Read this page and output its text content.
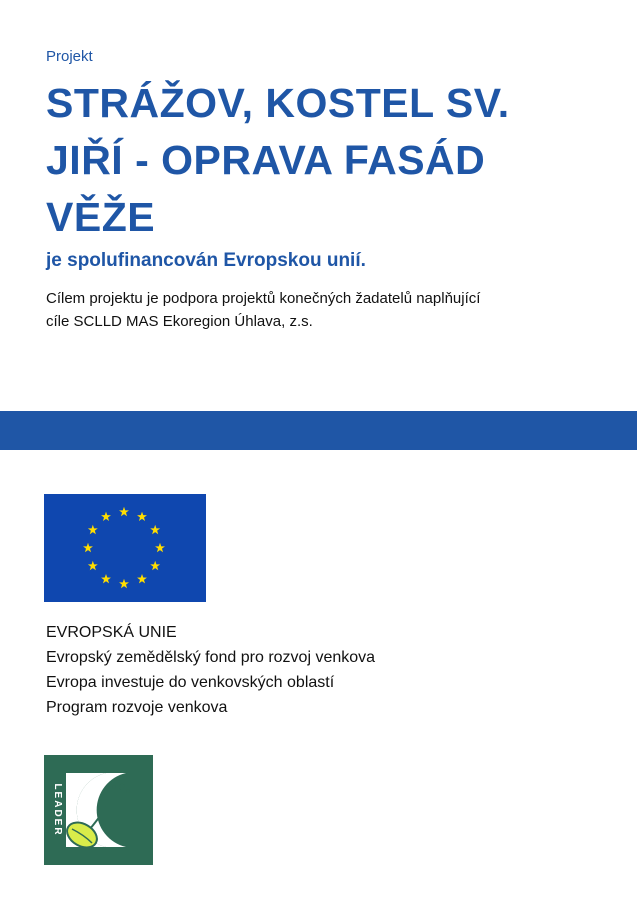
Projekt
STRÁŽOV, KOSTEL SV.
JIŘÍ - OPRAVA FASÁD
VĚŽE
je spolufinancován Evropskou unií.
Cílem projektu je podpora projektů konečných žadatelů naplňující
cíle SCLLD MAS Ekoregion Úhlava, z.s.
EVROPSKÁ UNIE
Evropský zemědělský fond pro rozvoj venkova
Evropa investuje do venkovských oblastí
Program rozvoje venkova
LEADER
